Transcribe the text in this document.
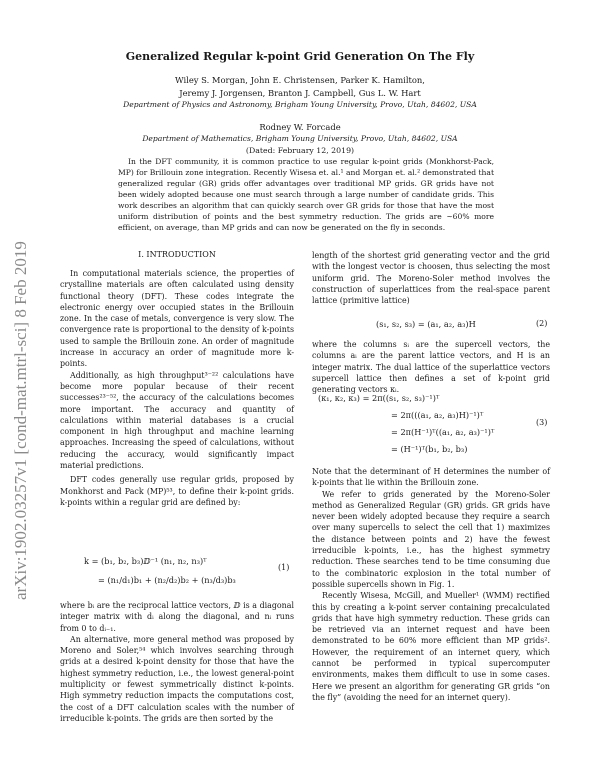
arXiv:1902.03257v1 [cond-mat.mtrl-sci] 8 Feb 2019
Generalized Regular k-point Grid Generation On The Fly
Wiley S. Morgan, John E. Christensen, Parker K. Hamilton,
Jeremy J. Jorgensen, Branton J. Campbell, Gus L. W. Hart
Department of Physics and Astronomy, Brigham Young University, Provo, Utah, 84602, USA
Rodney W. Forcade
Department of Mathematics, Brigham Young University, Provo, Utah, 84602, USA
(Dated: February 12, 2019)
In the DFT community, it is common practice to use regular k-point grids (Monkhorst-Pack, MP) for Brillouin zone integration. Recently Wisesa et. al.¹ and Morgan et. al.² demonstrated that generalized regular (GR) grids offer advantages over traditional MP grids. GR grids have not been widely adopted because one must search through a large number of candidate grids. This work describes an algorithm that can quickly search over GR grids for those that have the most uniform distribution of points and the best symmetry reduction. The grids are ~60% more efficient, on average, than MP grids and can now be generated on the fly in seconds.
I. INTRODUCTION

In computational materials science, the properties of crystalline materials are often calculated using density functional theory (DFT). These codes integrate the electronic energy over occupied states in the Brillouin zone. In the case of metals, convergence is very slow. The convergence rate is proportional to the density of k-points used to sample the Brillouin zone. An order of magnitude increase in accuracy an order of magnitude more k-points.

Additionally, as high throughput³⁻²² calculations have become more popular because of their recent successes²³⁻⁵², the accuracy of the calculations becomes more important. The accuracy and quantity of calculations within material databases is a crucial component in high throughput and machine learning approaches. Increasing the speed of calculations, without reducing the accuracy, would significantly impact material predictions.

DFT codes generally use regular grids, proposed by Monkhorst and Pack (MP)⁵³, to define their k-point grids. k-points within a regular grid are defined by:

k = (b₁, b₂, b₃)ⅅ⁻¹ (n₁, n₂, n₃)ᵀ
= (n₁/d₁)b₁ + (n₂/d₂)b₂ + (n₃/d₃)b₃
(1)

where bᵢ are the reciprocal lattice vectors, ⅅ is a diagonal integer matrix with dᵢ along the diagonal, and nᵢ runs from 0 to dᵢ₋₁.

An alternative, more general method was proposed by Moreno and Soler,⁵⁴ which involves searching through grids at a desired k-point density for those that have the highest symmetry reduction, i.e., the lowest general-point multiplicity or fewest symmetrically distinct k-points. High symmetry reduction impacts the computations cost, the cost of a DFT calculation scales with the number of irreducible k-points. The grids are then sorted by the

length of the shortest grid generating vector and the grid with the longest vector is choosen, thus selecting the most uniform grid. The Moreno-Soler method involves the construction of superlattices from the real-space parent lattice (primitive lattice)

(s₁, s₂, s₃) = (a₁, a₂, a₃)H	(2)

where the columns sᵢ are the supercell vectors, the columns aᵢ are the parent lattice vectors, and H is an integer matrix. The dual lattice of the superlattice vectors supercell lattice then defines a set of k-point grid generating vectors κᵢ.

(κ₁, κ₂, κ₃) = 2π((s₁, s₂, s₃)⁻¹)ᵀ
= 2π(((a₁, a₂, a₃)H)⁻¹)ᵀ
= 2π(H⁻¹)ᵀ((a₁, a₂, a₃)⁻¹)ᵀ
= (H⁻¹)ᵀ(b₁, b₂, b₃)
(3)

Note that the determinant of H determines the number of k-points that lie within the Brillouin zone.

We refer to grids generated by the Moreno-Soler method as Generalized Regular (GR) grids. GR grids have never been widely adopted because they require a search over many supercells to select the cell that 1) maximizes the distance between points and 2) have the fewest irreducible k-points, i.e., has the highest symmetry reduction. These searches tend to be time consuming due to the combinatoric explosion in the total number of possible supercells shown in Fig. 1.

Recently Wisesa, McGill, and Mueller¹ (WMM) rectified this by creating a k-point server containing precalculated grids that have high symmetry reduction. These grids can be retrieved via an internet request and have been demonstrated to be 60% more efficient than MP grids². However, the requirement of an internet query, which cannot be performed in typical supercomputer environments, makes them difficult to use in some cases. Here we present an algorithm for generating GR grids “on the fly” (avoiding the need for an internet query).
